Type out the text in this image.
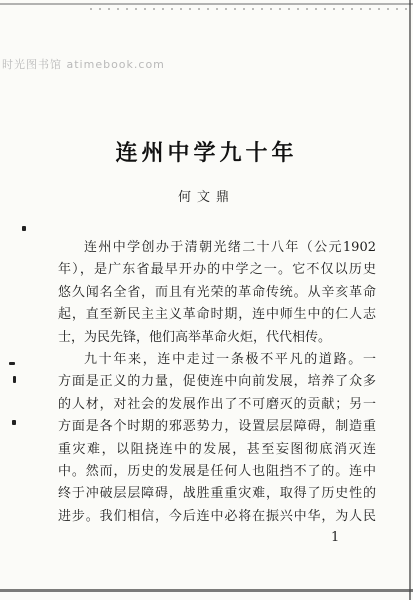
时光图书馆 atimebook.com
连州中学九十年
何文鼎
连州中学创办于清朝光绪二十八年（公元1902
年），是广东省最早开办的中学之一。它不仅以历史
悠久闻名全省，而且有光荣的革命传统。从辛亥革命
起，直至新民主主义革命时期，连中师生中的仁人志
士，为民先锋，他们高举革命火炬，代代相传。
九十年来，连中走过一条极不平凡的道路。一
方面是正义的力量，促使连中向前发展，培养了众多
的人材，对社会的发展作出了不可磨灭的贡献；另一
方面是各个时期的邪恶势力，设置层层障碍，制造重
重灾难，以阻挠连中的发展，甚至妄图彻底消灭连
中。然而，历史的发展是任何人也阻挡不了的。连中
终于冲破层层障碍，战胜重重灾难，取得了历史性的
进步。我们相信，今后连中必将在振兴中华，为人民
1
